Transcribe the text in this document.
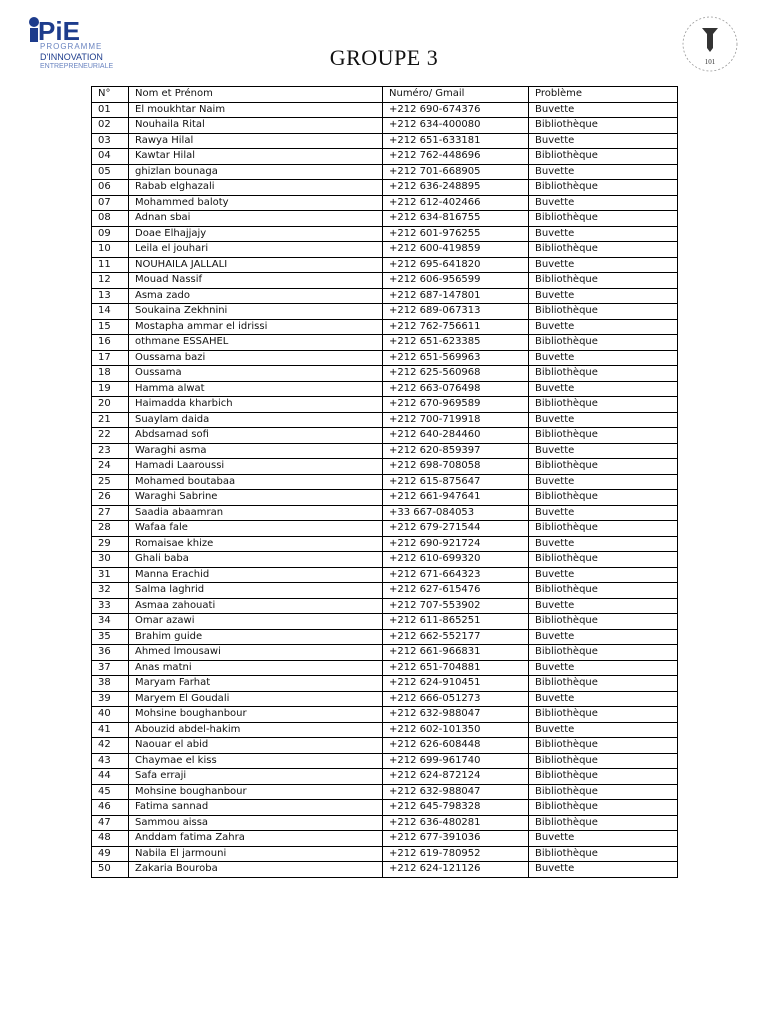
PiE
PROGRAMME
D'INNOVATION
ENTREPRENEURIALE
101
GROUPE 3
N°	Nom et Prénom	Numéro/ Gmail	Problème
01	El moukhtar Naim	+212 690-674376	Buvette
02	Nouhaila Rital	+212 634-400080	Bibliothèque
03	Rawya Hilal	+212 651-633181	Buvette
04	Kawtar Hilal	+212 762-448696	Bibliothèque
05	ghizlan bounaga	+212 701-668905	Buvette
06	Rabab elghazali	+212 636-248895	Bibliothèque
07	Mohammed baloty	+212 612-402466	Buvette
08	Adnan sbai	+212 634-816755	Bibliothèque
09	Doae Elhajjajy	+212 601-976255	Buvette
10	Leila el jouhari	+212 600-419859	Bibliothèque
11	NOUHAILA JALLALI	+212 695-641820	Buvette
12	Mouad Nassif	+212 606-956599	Bibliothèque
13	Asma zado	+212 687-147801	Buvette
14	Soukaina Zekhnini	+212 689-067313	Bibliothèque
15	Mostapha ammar el idrissi	+212 762-756611	Buvette
16	othmane ESSAHEL	+212 651-623385	Bibliothèque
17	Oussama bazi	+212 651-569963	Buvette
18	Oussama	+212 625-560968	Bibliothèque
19	Hamma alwat	+212 663-076498	Buvette
20	Haimadda kharbich	+212 670-969589	Bibliothèque
21	Suaylam daida	+212 700-719918	Buvette
22	Abdsamad sofi	+212 640-284460	Bibliothèque
23	Waraghi asma	+212 620-859397	Buvette
24	Hamadi Laaroussi	+212 698-708058	Bibliothèque
25	Mohamed boutabaa	+212 615-875647	Buvette
26	Waraghi Sabrine	+212 661-947641	Bibliothèque
27	Saadia abaamran	+33 667-084053	Buvette
28	Wafaa fale	+212 679-271544	Bibliothèque
29	Romaisae khize	+212 690-921724	Buvette
30	Ghali baba	+212 610-699320	Bibliothèque
31	Manna Erachid	+212 671-664323	Buvette
32	Salma laghrid	+212 627-615476	Bibliothèque
33	Asmaa zahouati	+212 707-553902	Buvette
34	Omar azawi	+212 611-865251	Bibliothèque
35	Brahim guide	+212 662-552177	Buvette
36	Ahmed lmousawi	+212 661-966831	Bibliothèque
37	Anas matni	+212 651-704881	Buvette
38	Maryam Farhat	+212 624-910451	Bibliothèque
39	Maryem El Goudali	+212 666-051273	Buvette
40	Mohsine boughanbour	+212 632-988047	Bibliothèque
41	Abouzid abdel-hakim	+212 602-101350	Buvette
42	Naouar el abid	+212 626-608448	Bibliothèque
43	Chaymae el kiss	+212 699-961740	Bibliothèque
44	Safa erraji	+212 624-872124	Bibliothèque
45	Mohsine boughanbour	+212 632-988047	Bibliothèque
46	Fatima sannad	+212 645-798328	Bibliothèque
47	Sammou aissa	+212 636-480281	Bibliothèque
48	Anddam fatima Zahra	+212 677-391036	Buvette
49	Nabila El jarmouni	+212 619-780952	Bibliothèque
50	Zakaria Bouroba	+212 624-121126	Buvette
